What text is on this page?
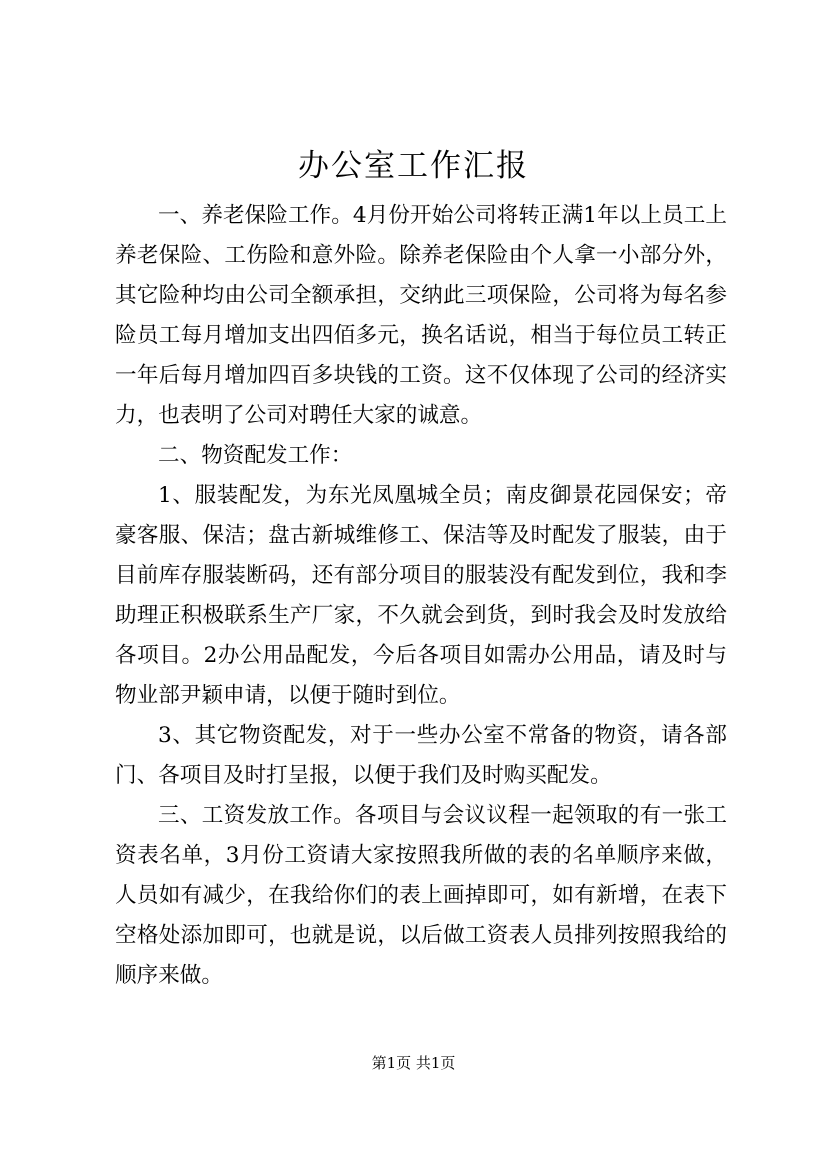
办公室工作汇报

一、养老保险工作。4月份开始公司将转正满1年以上员工上养老保险、工伤险和意外险。除养老保险由个人拿一小部分外，其它险种均由公司全额承担，交纳此三项保险，公司将为每名参险员工每月增加支出四佰多元，换名话说，相当于每位员工转正一年后每月增加四百多块钱的工资。这不仅体现了公司的经济实力，也表明了公司对聘任大家的诚意。

二、物资配发工作：

1、服装配发，为东光凤凰城全员；南皮御景花园保安；帝豪客服、保洁；盘古新城维修工、保洁等及时配发了服装，由于目前库存服装断码，还有部分项目的服装没有配发到位，我和李助理正积极联系生产厂家，不久就会到货，到时我会及时发放给各项目。2办公用品配发，今后各项目如需办公用品，请及时与物业部尹颖申请，以便于随时到位。

3、其它物资配发，对于一些办公室不常备的物资，请各部门、各项目及时打呈报，以便于我们及时购买配发。

三、工资发放工作。各项目与会议议程一起领取的有一张工资表名单，3月份工资请大家按照我所做的表的名单顺序来做，人员如有减少，在我给你们的表上画掉即可，如有新增，在表下空格处添加即可，也就是说，以后做工资表人员排列按照我给的顺序来做。

第1页 共1页
